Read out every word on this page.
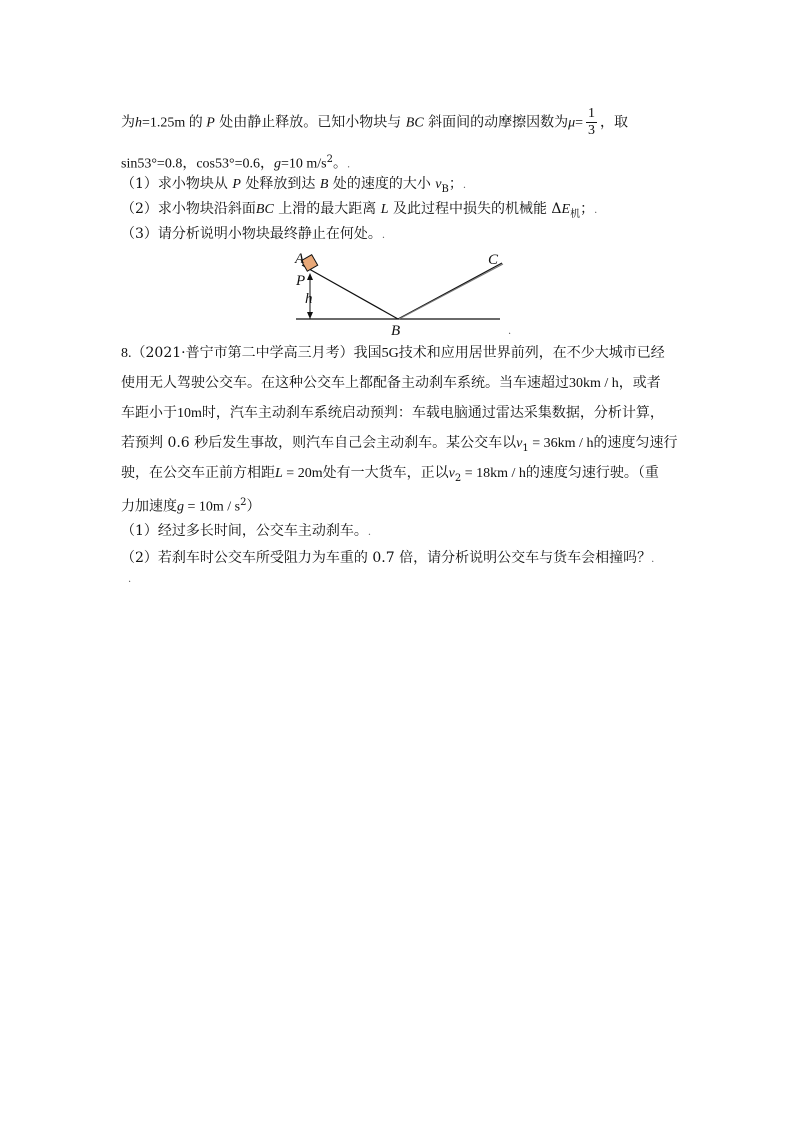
为h=1.25m 的 P 处由静止释放。已知小物块与 BC 斜面间的动摩擦因数为$\mu= \frac{1}{3}$ ，取
sin53°=0.8，cos53°=0.6，g=10 $m/s^2$。.
（1）求小物块从 P 处释放到达 B 处的速度的大小 $v_B$；.
（2）求小物块沿斜面BC 上滑的最大距离 L 及此过程中损失的机械能 $\Delta E_机$；.
（3）请分析说明小物块最终静止在何处。.
A
P
h
B
C
.
8.（2021·普宁市第二中学高三月考）我国5G技术和应用居世界前列，在不少大城市已经
使用无人驾驶公交车。在这种公交车上都配备主动刹车系统。当车速超过30km / h，或者
车距小于10m时，汽车主动刹车系统启动预判：车载电脑通过雷达采集数据，分析计算，
若预判 0.6 秒后发生事故，则汽车自己会主动刹车。某公交车以$v_1 = 36km / h$的速度匀速行
驶，在公交车正前方相距L = 20m处有一大货车，正以$v_2 = 18km / h$的速度匀速行驶。（重
力加速度$g = 10m / s^2$）
（1）经过多长时间，公交车主动刹车。.
（2）若刹车时公交车所受阻力为车重的 0.7 倍，请分析说明公交车与货车会相撞吗？.
.
